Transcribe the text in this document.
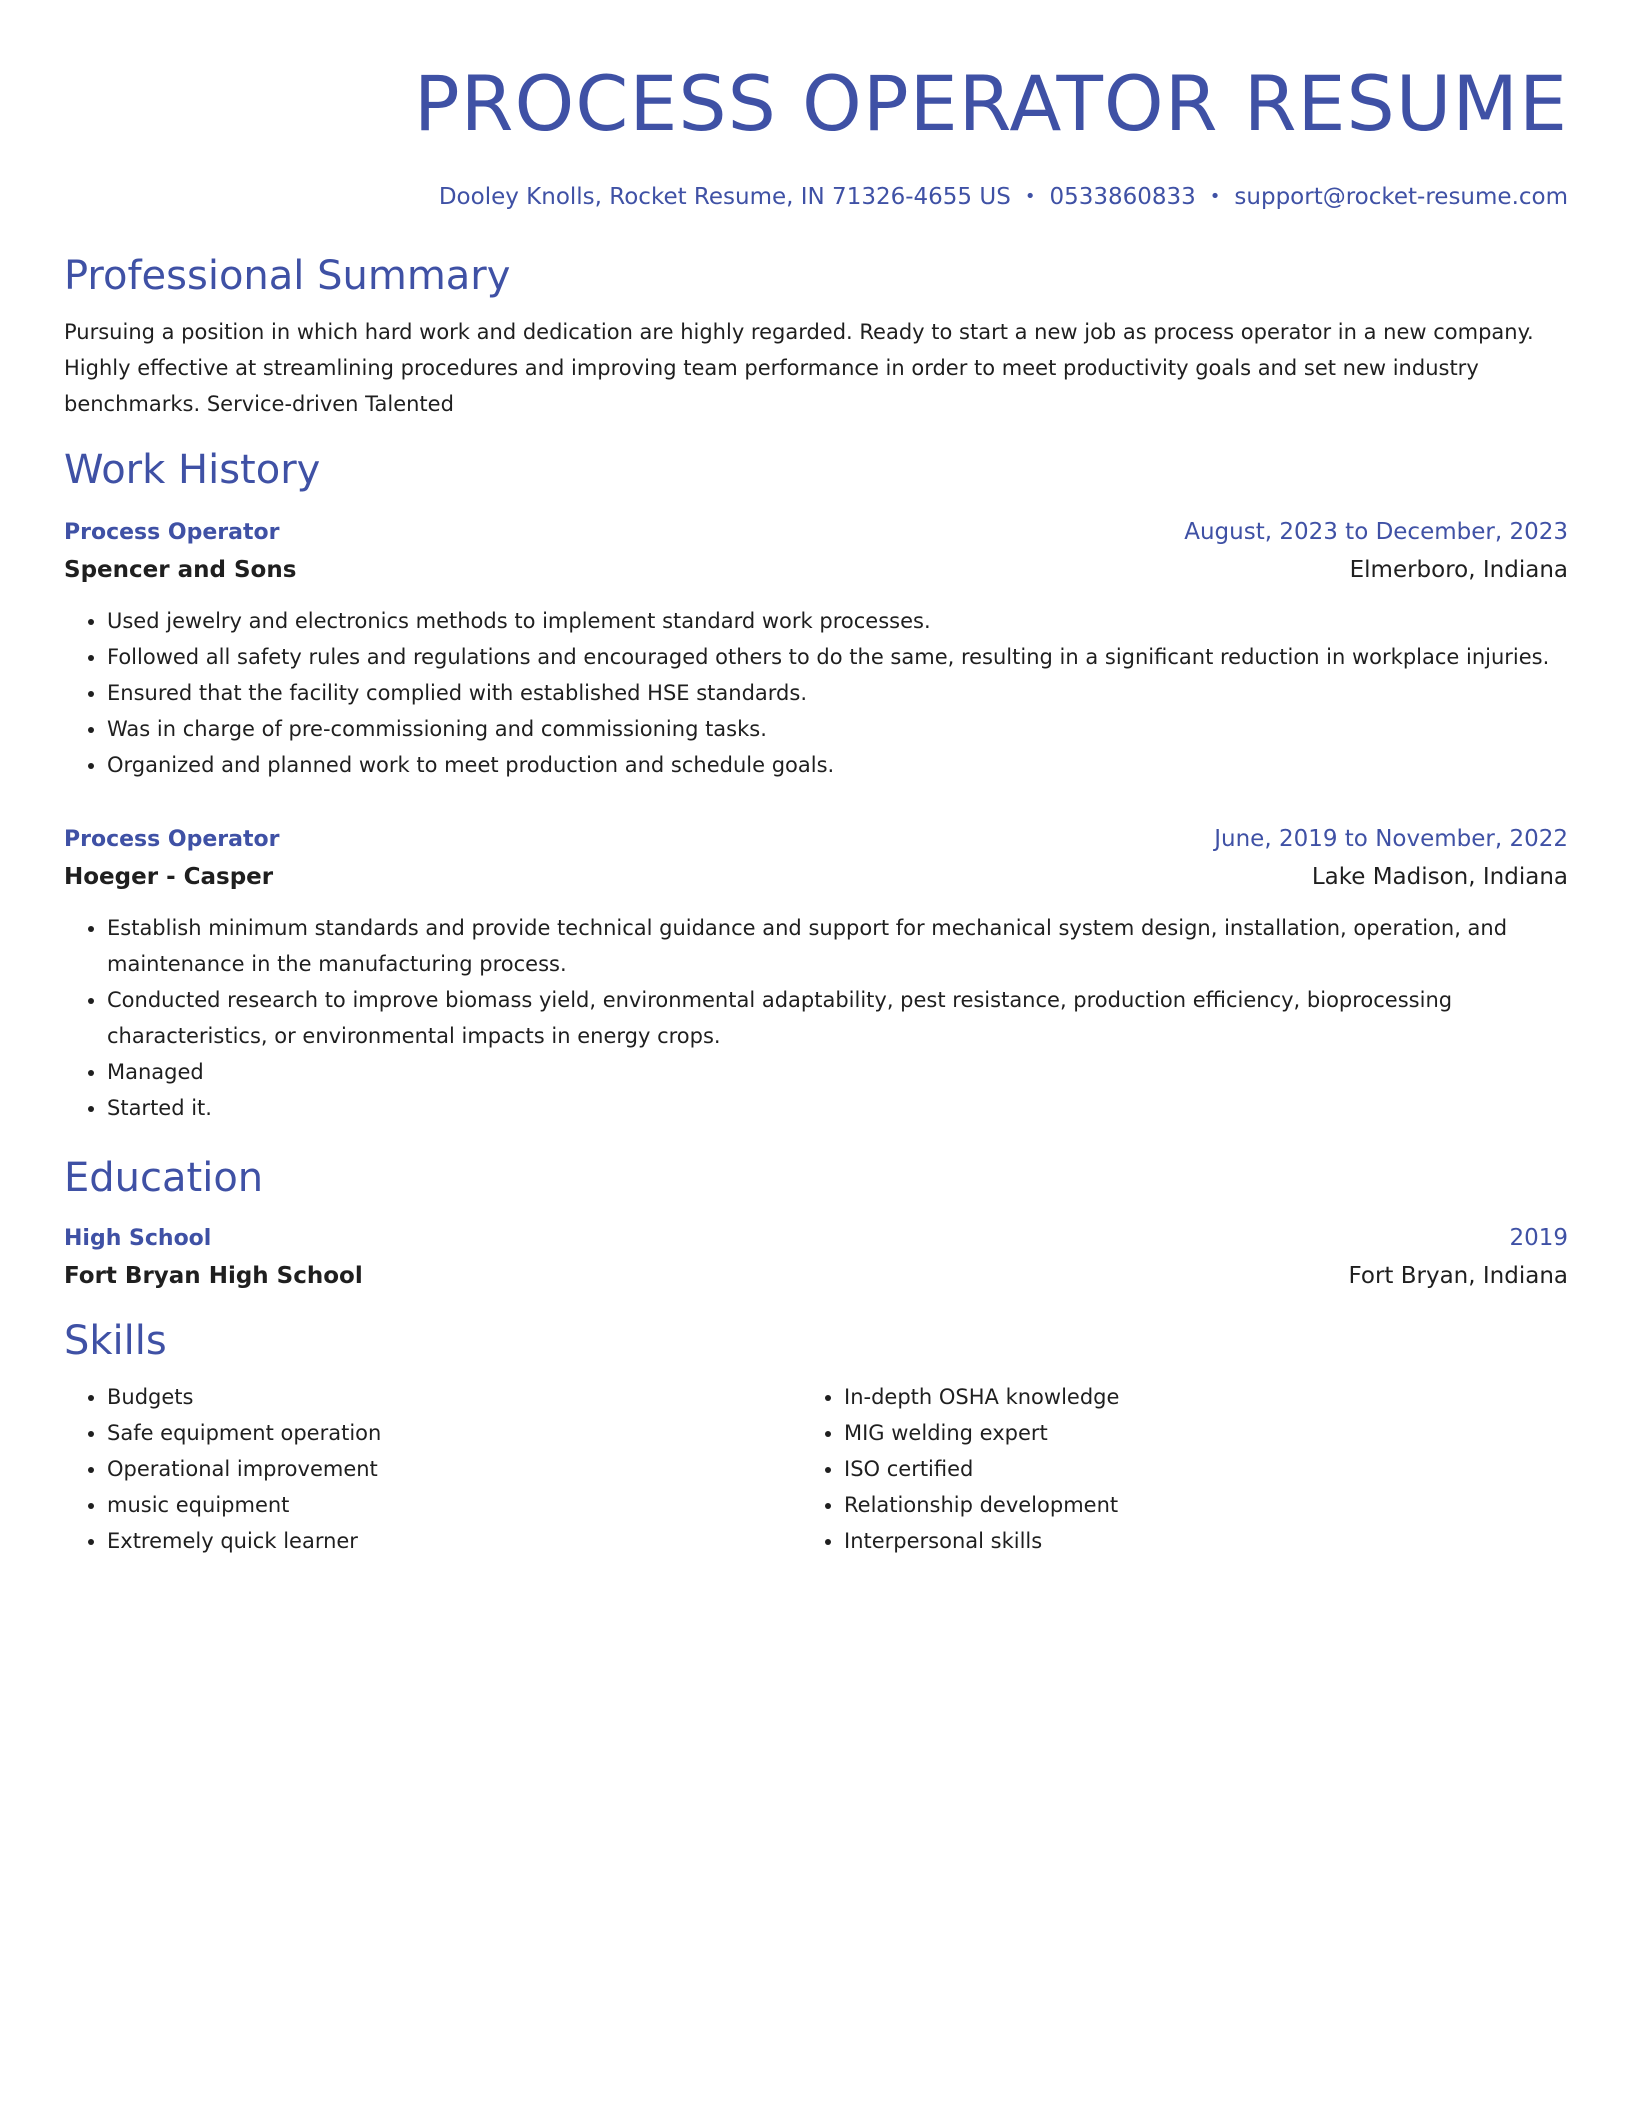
PROCESS OPERATOR RESUME
Dooley Knolls, Rocket Resume, IN 71326-4655 US • 0533860833 • support@rocket-resume.com
Professional Summary
Pursuing a position in which hard work and dedication are highly regarded. Ready to start a new job as process operator in a new company. Highly effective at streamlining procedures and improving team performance in order to meet productivity goals and set new industry benchmarks. Service-driven Talented
Work History
Process Operator	August, 2023 to December, 2023
Spencer and Sons	Elmerboro, Indiana
• Used jewelry and electronics methods to implement standard work processes.
• Followed all safety rules and regulations and encouraged others to do the same, resulting in a significant reduction in workplace injuries.
• Ensured that the facility complied with established HSE standards.
• Was in charge of pre-commissioning and commissioning tasks.
• Organized and planned work to meet production and schedule goals.
Process Operator	June, 2019 to November, 2022
Hoeger - Casper	Lake Madison, Indiana
• Establish minimum standards and provide technical guidance and support for mechanical system design, installation, operation, and maintenance in the manufacturing process.
• Conducted research to improve biomass yield, environmental adaptability, pest resistance, production efficiency, bioprocessing characteristics, or environmental impacts in energy crops.
• Managed
• Started it.
Education
High School	2019
Fort Bryan High School	Fort Bryan, Indiana
Skills
• Budgets
• Safe equipment operation
• Operational improvement
• music equipment
• Extremely quick learner
• In-depth OSHA knowledge
• MIG welding expert
• ISO certified
• Relationship development
• Interpersonal skills
